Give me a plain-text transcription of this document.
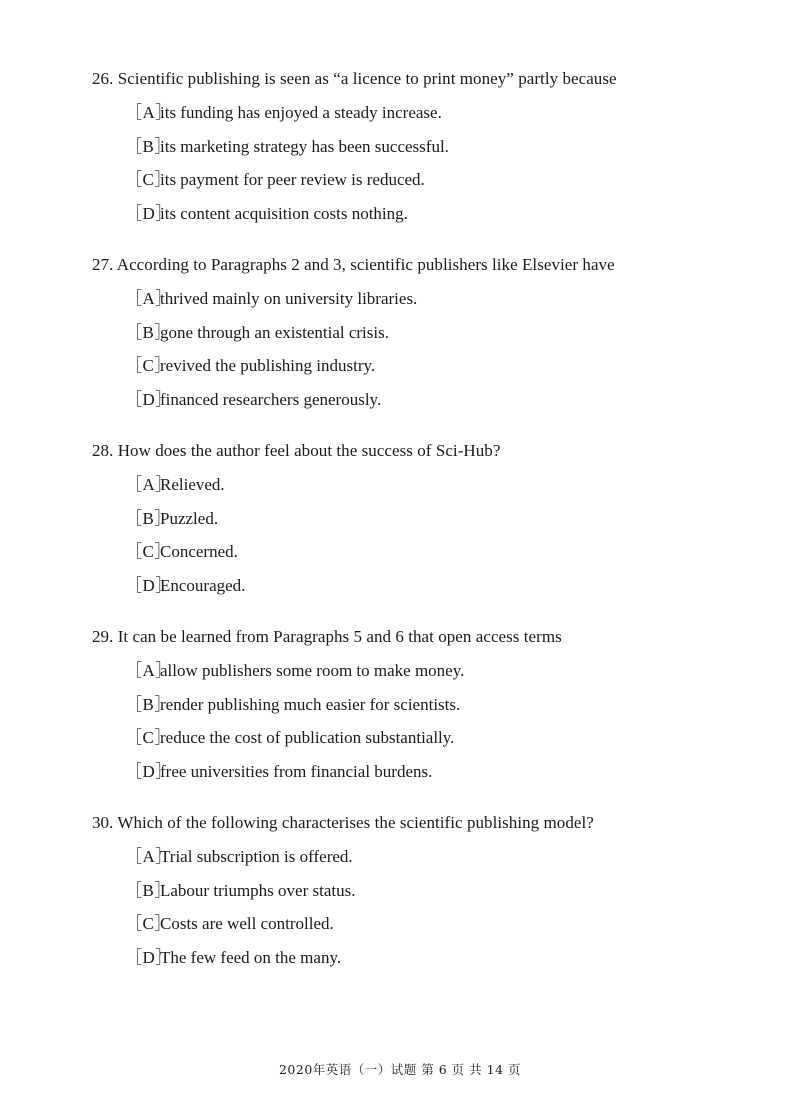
26. Scientific publishing is seen as “a licence to print money” partly because
［A］
its funding has enjoyed a steady increase.
［B］
its marketing strategy has been successful.
［C］
its payment for peer review is reduced.
［D］
its content acquisition costs nothing.
27. According to Paragraphs 2 and 3, scientific publishers like Elsevier have
［A］
thrived mainly on university libraries.
［B］
gone through an existential crisis.
［C］
revived the publishing industry.
［D］
financed researchers generously.
28. How does the author feel about the success of Sci-Hub?
［A］
Relieved.
［B］
Puzzled.
［C］
Concerned.
［D］
Encouraged.
29. It can be learned from Paragraphs 5 and 6 that open access terms
［A］
allow publishers some room to make money.
［B］
render publishing much easier for scientists.
［C］
reduce the cost of publication substantially.
［D］
free universities from financial burdens.
30. Which of the following characterises the scientific publishing model?
［A］
Trial subscription is offered.
［B］
Labour triumphs over status.
［C］
Costs are well controlled.
［D］
The few feed on the many.
2020年英语（一）试题 第 6 页 共 14 页
